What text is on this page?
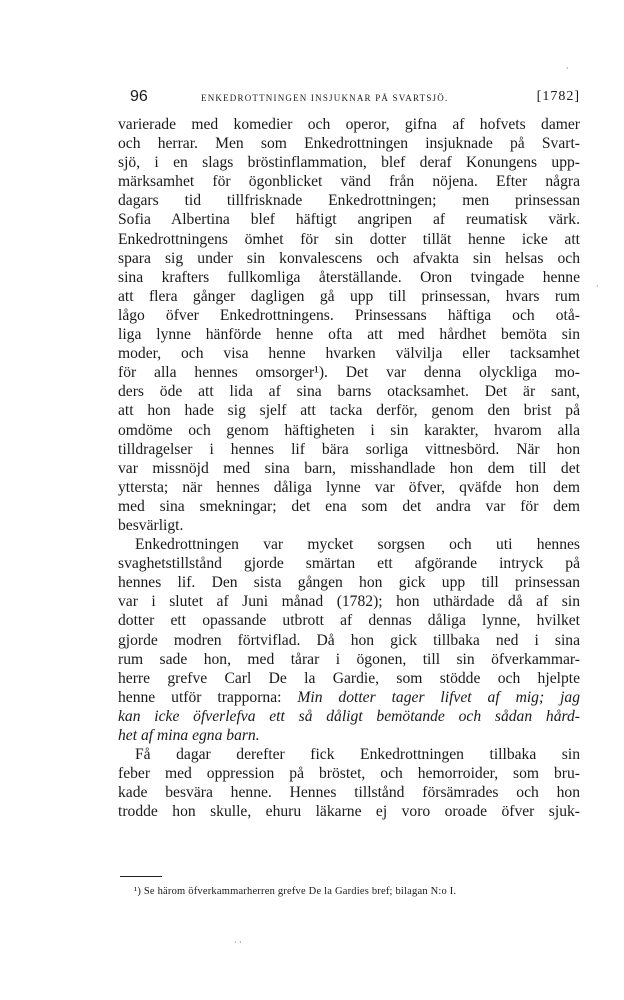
96	ENKEDROTTNINGEN INSJUKNAR PÅ SVARTSJÖ.	[1782]
varierade med komedier och operor, gifna af hofvets damer
och herrar. Men som Enkedrottningen insjuknade på Svart-
sjö, i en slags bröstinflammation, blef deraf Konungens upp-
märksamhet för ögonblicket vänd från nöjena. Efter några
dagars tid tillfrisknade Enkedrottningen; men prinsessan
Sofia Albertina blef häftigt angripen af reumatisk värk.
Enkedrottningens ömhet för sin dotter tillät henne icke att
spara sig under sin konvalescens och afvakta sin helsas och
sina krafters fullkomliga återställande. Oron tvingade henne
att flera gånger dagligen gå upp till prinsessan, hvars rum
lågo öfver Enkedrottningens. Prinsessans häftiga och otå-
liga lynne hänförde henne ofta att med hårdhet bemöta sin
moder, och visa henne hvarken välvilja eller tacksamhet
för alla hennes omsorger¹). Det var denna olyckliga mo-
ders öde att lida af sina barns otacksamhet. Det är sant,
att hon hade sig sjelf att tacka derför, genom den brist på
omdöme och genom häftigheten i sin karakter, hvarom alla
tilldragelser i hennes lif bära sorliga vittnesbörd. När hon
var missnöjd med sina barn, misshandlade hon dem till det
yttersta; när hennes dåliga lynne var öfver, qväfde hon dem
med sina smekningar; det ena som det andra var för dem
besvärligt.
Enkedrottningen var mycket sorgsen och uti hennes
svaghetstillstånd gjorde smärtan ett afgörande intryck på
hennes lif. Den sista gången hon gick upp till prinsessan
var i slutet af Juni månad (1782); hon uthärdade då af sin
dotter ett opassande utbrott af dennas dåliga lynne, hvilket
gjorde modren förtviflad. Då hon gick tillbaka ned i sina
rum sade hon, med tårar i ögonen, till sin öfverkammar-
herre grefve Carl De la Gardie, som stödde och hjelpte
henne utför trapporna: Min dotter tager lifvet af mig; jag
kan icke öfverlefva ett så dåligt bemötande och sådan hård-
het af mina egna barn.
Få dagar derefter fick Enkedrottningen tillbaka sin
feber med oppression på bröstet, och hemorroider, som bru-
kade besvära henne. Hennes tillstånd försämrades och hon
trodde hon skulle, ehuru läkarne ej voro oroade öfver sjuk-
¹) Se härom öfverkammarherren grefve De la Gardies bref; bilagan N:o I.
·
·
· ·
